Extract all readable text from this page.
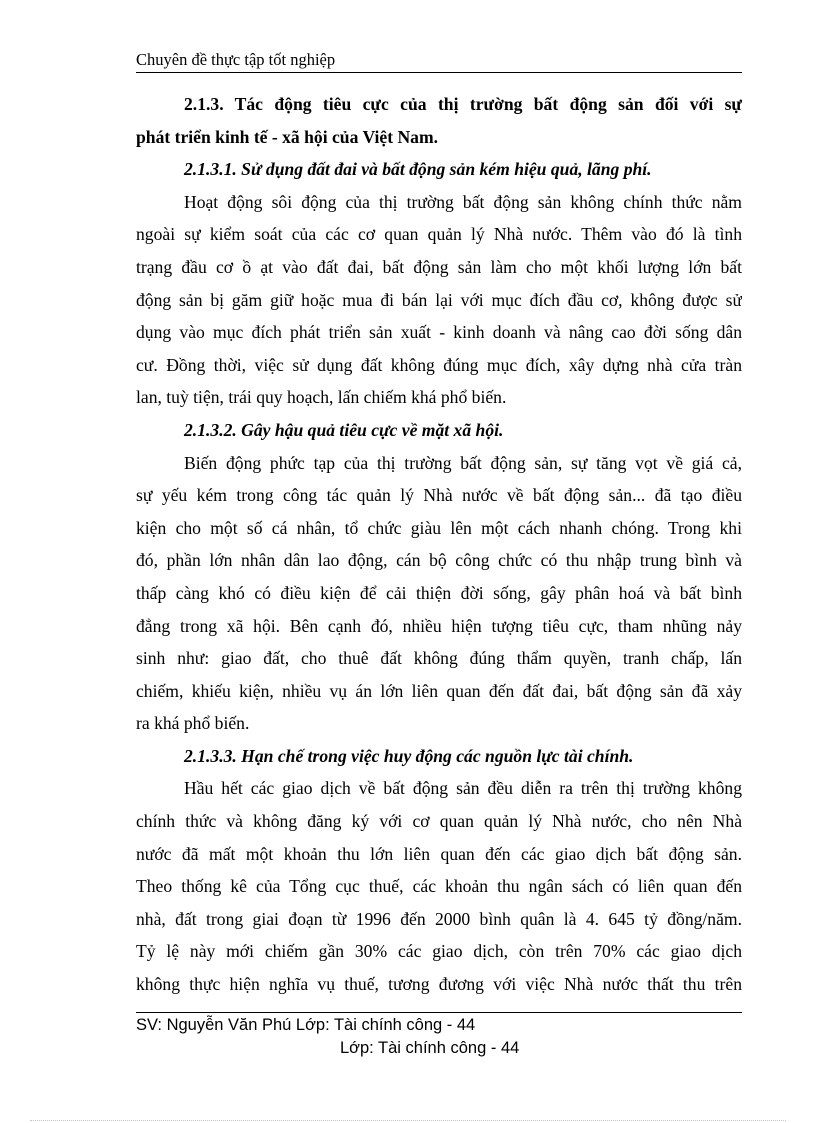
Chuyên đề thực tập tốt nghiệp
2.1.3. Tác động tiêu cực của thị trường bất động sản đối với sự
phát triển kinh tế - xã hội của Việt Nam.
2.1.3.1. Sử dụng đất đai và bất động sản kém hiệu quả, lãng phí.
Hoạt động sôi động của thị trường bất động sản không chính thức nằm
ngoài sự kiểm soát của các cơ quan quản lý Nhà nước. Thêm vào đó là tình
trạng đầu cơ ồ ạt vào đất đai, bất động sản làm cho một khối lượng lớn bất
động sản bị găm giữ hoặc mua đi bán lại với mục đích đầu cơ, không được sử
dụng vào mục đích phát triển sản xuất - kinh doanh và nâng cao đời sống dân
cư. Đồng thời, việc sử dụng đất không đúng mục đích, xây dựng nhà cửa tràn
lan, tuỳ tiện, trái quy hoạch, lấn chiếm khá phổ biến.
2.1.3.2. Gây hậu quả tiêu cực về mặt xã hội.
Biến động phức tạp của thị trường bất động sản, sự tăng vọt về giá cả,
sự yếu kém trong công tác quản lý Nhà nước về bất động sản... đã tạo điều
kiện cho một số cá nhân, tổ chức giàu lên một cách nhanh chóng. Trong khi
đó, phần lớn nhân dân lao động, cán bộ công chức có thu nhập trung bình và
thấp càng khó có điều kiện để cải thiện đời sống, gây phân hoá và bất bình
đẳng trong xã hội. Bên cạnh đó, nhiều hiện tượng tiêu cực, tham nhũng nảy
sinh như: giao đất, cho thuê đất không đúng thẩm quyền, tranh chấp, lấn
chiếm, khiếu kiện, nhiều vụ án lớn liên quan đến đất đai, bất động sản đã xảy
ra khá phổ biến.
2.1.3.3. Hạn chế trong việc huy động các nguồn lực tài chính.
Hầu hết các giao dịch về bất động sản đều diễn ra trên thị trường không
chính thức và không đăng ký với cơ quan quản lý Nhà nước, cho nên Nhà
nước đã mất một khoản thu lớn liên quan đến các giao dịch bất động sản.
Theo thống kê của Tổng cục thuế, các khoản thu ngân sách có liên quan đến
nhà, đất trong giai đoạn từ 1996 đến 2000 bình quân là 4. 645 tỷ đồng/năm.
Tỷ lệ này mới chiếm gần 30% các giao dịch, còn trên 70% các giao dịch
không thực hiện nghĩa vụ thuế, tương đương với việc Nhà nước thất thu trên
SV: Nguyễn Văn Phú Lớp: Tài chính công - 44
Lớp: Tài chính công - 44
